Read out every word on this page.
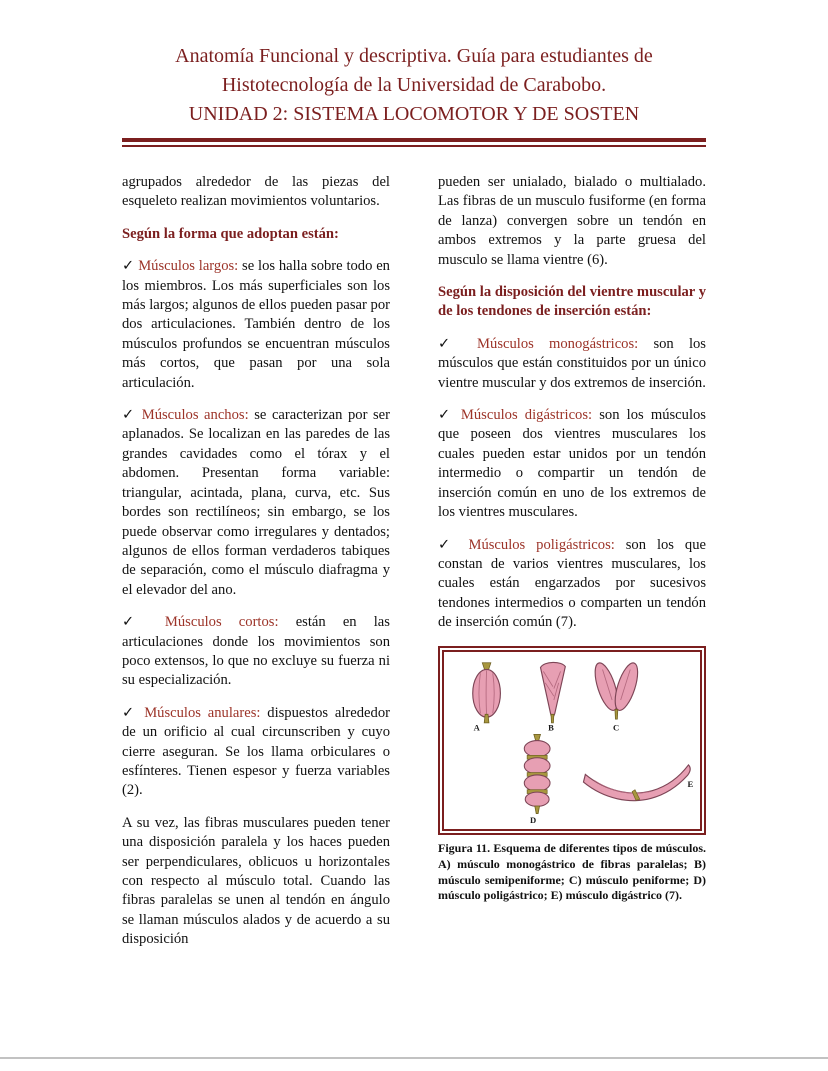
Anatomía Funcional y descriptiva. Guía para estudiantes de
Histotecnología de la Universidad de Carabobo.
UNIDAD 2: SISTEMA LOCOMOTOR Y DE SOSTEN

agrupados alrededor de las piezas del esqueleto realizan movimientos voluntarios.

Según la forma que adoptan están:

✓ Músculos largos: se los halla sobre todo en los miembros. Los más superficiales son los más largos; algunos de ellos pueden pasar por dos articulaciones. También dentro de los músculos profundos se encuentran músculos más cortos, que pasan por una sola articulación.

✓ Músculos anchos: se caracterizan por ser aplanados. Se localizan en las paredes de las grandes cavidades como el tórax y el abdomen. Presentan forma variable: triangular, acintada, plana, curva, etc. Sus bordes son rectilíneos; sin embargo, se los puede observar como irregulares y dentados; algunos de ellos forman verdaderos tabiques de separación, como el músculo diafragma y el elevador del ano.

✓ Músculos cortos: están en las articulaciones donde los movimientos son poco extensos, lo que no excluye su fuerza ni su especialización.

✓ Músculos anulares: dispuestos alrededor de un orificio al cual circunscriben y cuyo cierre aseguran. Se los llama orbiculares o esfínteres. Tienen espesor y fuerza variables (2).

A su vez, las fibras musculares pueden tener una disposición paralela y los haces pueden ser perpendiculares, oblicuos u horizontales con respecto al músculo total. Cuando las fibras paralelas se unen al tendón en ángulo se llaman músculos alados y de acuerdo a su disposición

pueden ser unialado, bialado o multialado. Las fibras de un musculo fusiforme (en forma de lanza) convergen sobre un tendón en ambos extremos y la parte gruesa del musculo se llama vientre (6).

Según la disposición del vientre muscular y de los tendones de inserción están:

✓ Músculos monogástricos: son los músculos que están constituidos por un único vientre muscular y dos extremos de inserción.

✓ Músculos digástricos: son los músculos que poseen dos vientres musculares los cuales pueden estar unidos por un tendón intermedio o compartir un tendón de inserción común en uno de los extremos de los vientres musculares.

✓ Músculos poligástricos: son los que constan de varios vientres musculares, los cuales están engarzados por sucesivos tendones intermedios o comparten un tendón de inserción común (7).

A	B	C
D
E

Figura 11. Esquema de diferentes tipos de músculos. A) músculo monogástrico de fibras paralelas; B) músculo semipeniforme; C) músculo peniforme; D) músculo poligástrico; E) músculo digástrico (7).
